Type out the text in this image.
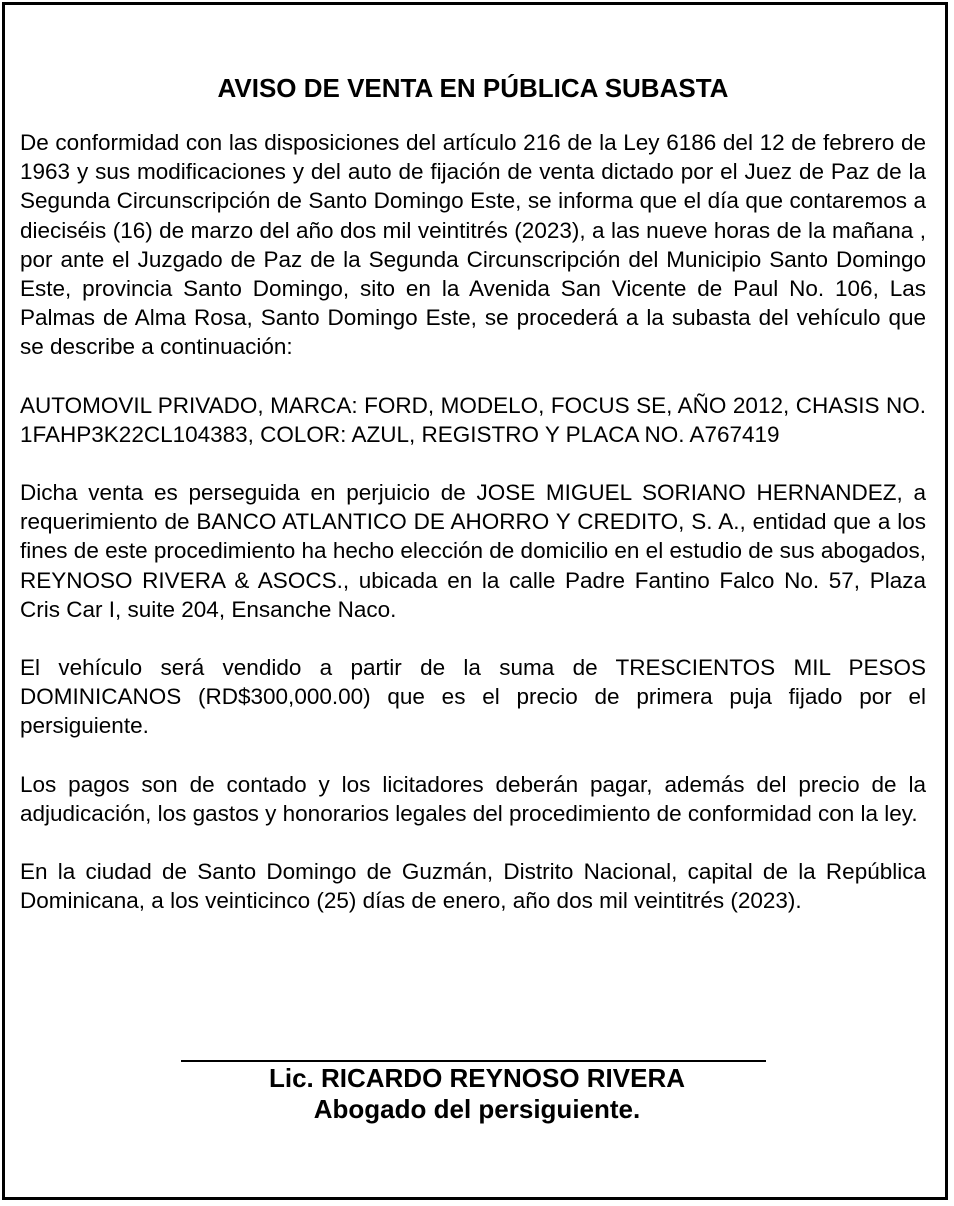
AVISO DE VENTA EN PÚBLICA SUBASTA

De conformidad con las disposiciones del artículo 216 de la Ley 6186 del 12 de febrero de 1963 y sus modificaciones y del auto de fijación de venta dictado por el Juez de Paz de la Segunda Circunscripción de Santo Domingo Este, se informa que el día que contaremos a dieciséis (16) de marzo del año dos mil veintitrés (2023), a las nueve horas de la mañana , por ante el Juzgado de Paz de la Segunda Circunscripción del Municipio Santo Domingo Este, provincia Santo Domingo, sito en la Avenida San Vicente de Paul No. 106, Las Palmas de Alma Rosa, Santo Domingo Este, se procederá a la subasta del vehículo que se describe a continuación:

AUTOMOVIL PRIVADO, MARCA: FORD, MODELO, FOCUS SE, AÑO 2012, CHASIS NO. 1FAHP3K22CL104383, COLOR: AZUL, REGISTRO Y PLACA NO. A767419

Dicha venta es perseguida en perjuicio de JOSE MIGUEL SORIANO HERNANDEZ, a requerimiento de BANCO ATLANTICO DE AHORRO Y CREDITO, S. A., entidad que a los fines de este procedimiento ha hecho elección de domicilio en el estudio de sus abogados, REYNOSO RIVERA & ASOCS., ubicada en la calle Padre Fantino Falco No. 57, Plaza Cris Car I, suite 204, Ensanche Naco.

El vehículo será vendido a partir de la suma de TRESCIENTOS MIL PESOS DOMINICANOS (RD$300,000.00) que es el precio de primera puja fijado por el persiguiente.

Los pagos son de contado y los licitadores deberán pagar, además del precio de la adjudicación, los gastos y honorarios legales del procedimiento de conformidad con la ley.

En la ciudad de Santo Domingo de Guzmán, Distrito Nacional, capital de la República Dominicana, a los veinticinco (25) días de enero, año dos mil veintitrés (2023).

Lic. RICARDO REYNOSO RIVERA
Abogado del persiguiente.
